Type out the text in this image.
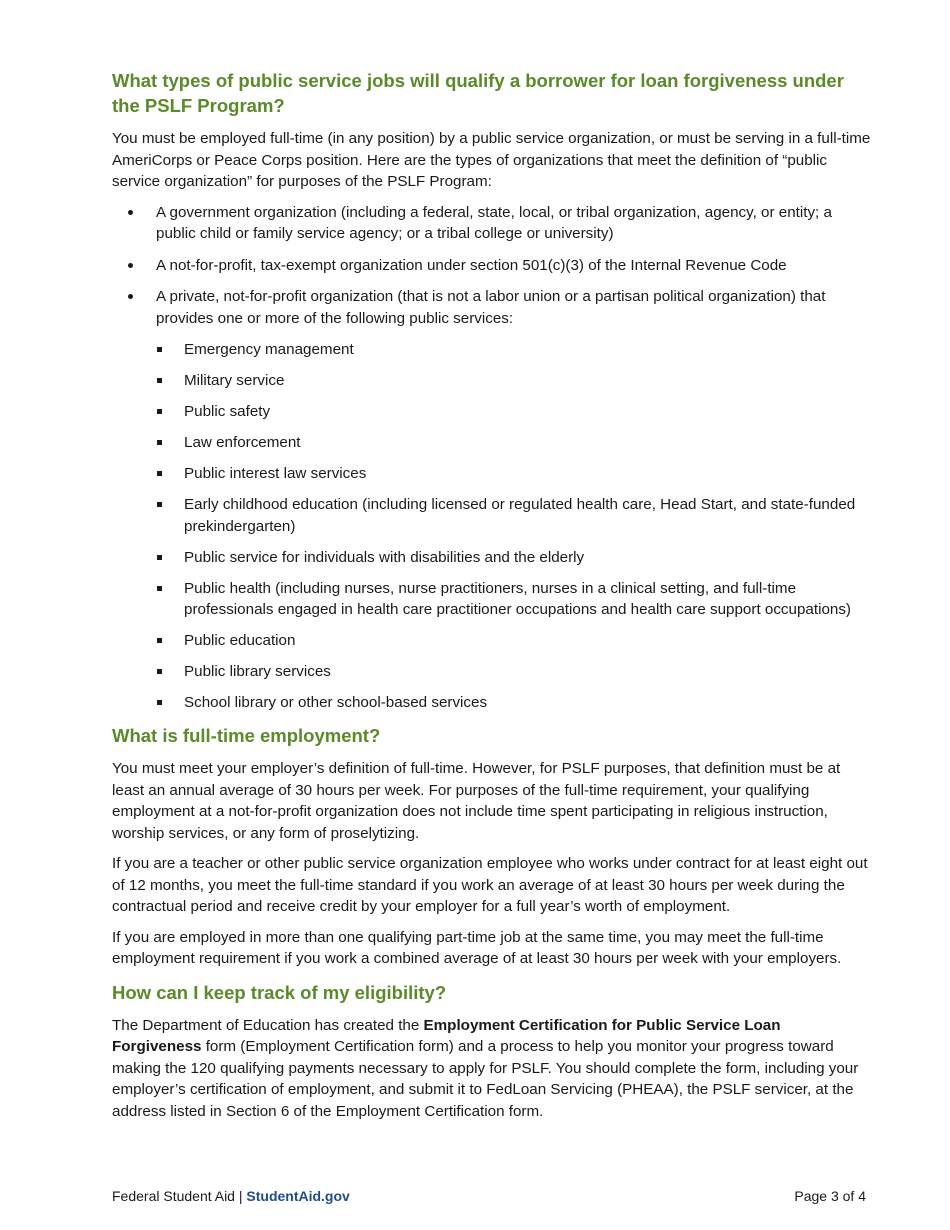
What types of public service jobs will qualify a borrower for loan forgiveness under the PSLF Program?

You must be employed full-time (in any position) by a public service organization, or must be serving in a full-time AmeriCorps or Peace Corps position. Here are the types of organizations that meet the definition of “public service organization” for purposes of the PSLF Program:

A government organization (including a federal, state, local, or tribal organization, agency, or entity; a public child or family service agency; or a tribal college or university)
A not-for-profit, tax-exempt organization under section 501(c)(3) of the Internal Revenue Code
A private, not-for-profit organization (that is not a labor union or a partisan political organization) that provides one or more of the following public services:
Emergency management
Military service
Public safety
Law enforcement
Public interest law services
Early childhood education (including licensed or regulated health care, Head Start, and state-funded prekindergarten)
Public service for individuals with disabilities and the elderly
Public health (including nurses, nurse practitioners, nurses in a clinical setting, and full-time professionals engaged in health care practitioner occupations and health care support occupations)
Public education
Public library services
School library or other school-based services
What is full-time employment?

You must meet your employer’s definition of full-time. However, for PSLF purposes, that definition must be at least an annual average of 30 hours per week. For purposes of the full-time requirement, your qualifying employment at a not-for-profit organization does not include time spent participating in religious instruction, worship services, or any form of proselytizing.

If you are a teacher or other public service organization employee who works under contract for at least eight out of 12 months, you meet the full-time standard if you work an average of at least 30 hours per week during the contractual period and receive credit by your employer for a full year’s worth of employment.

If you are employed in more than one qualifying part-time job at the same time, you may meet the full-time employment requirement if you work a combined average of at least 30 hours per week with your employers.

How can I keep track of my eligibility?

The Department of Education has created the Employment Certification for Public Service Loan Forgiveness form (Employment Certification form) and a process to help you monitor your progress toward making the 120 qualifying payments necessary to apply for PSLF. You should complete the form, including your employer’s certification of employment, and submit it to FedLoan Servicing (PHEAA), the PSLF servicer, at the address listed in Section 6 of the Employment Certification form.

Federal Student Aid | StudentAid.gov	Page 3 of 4
